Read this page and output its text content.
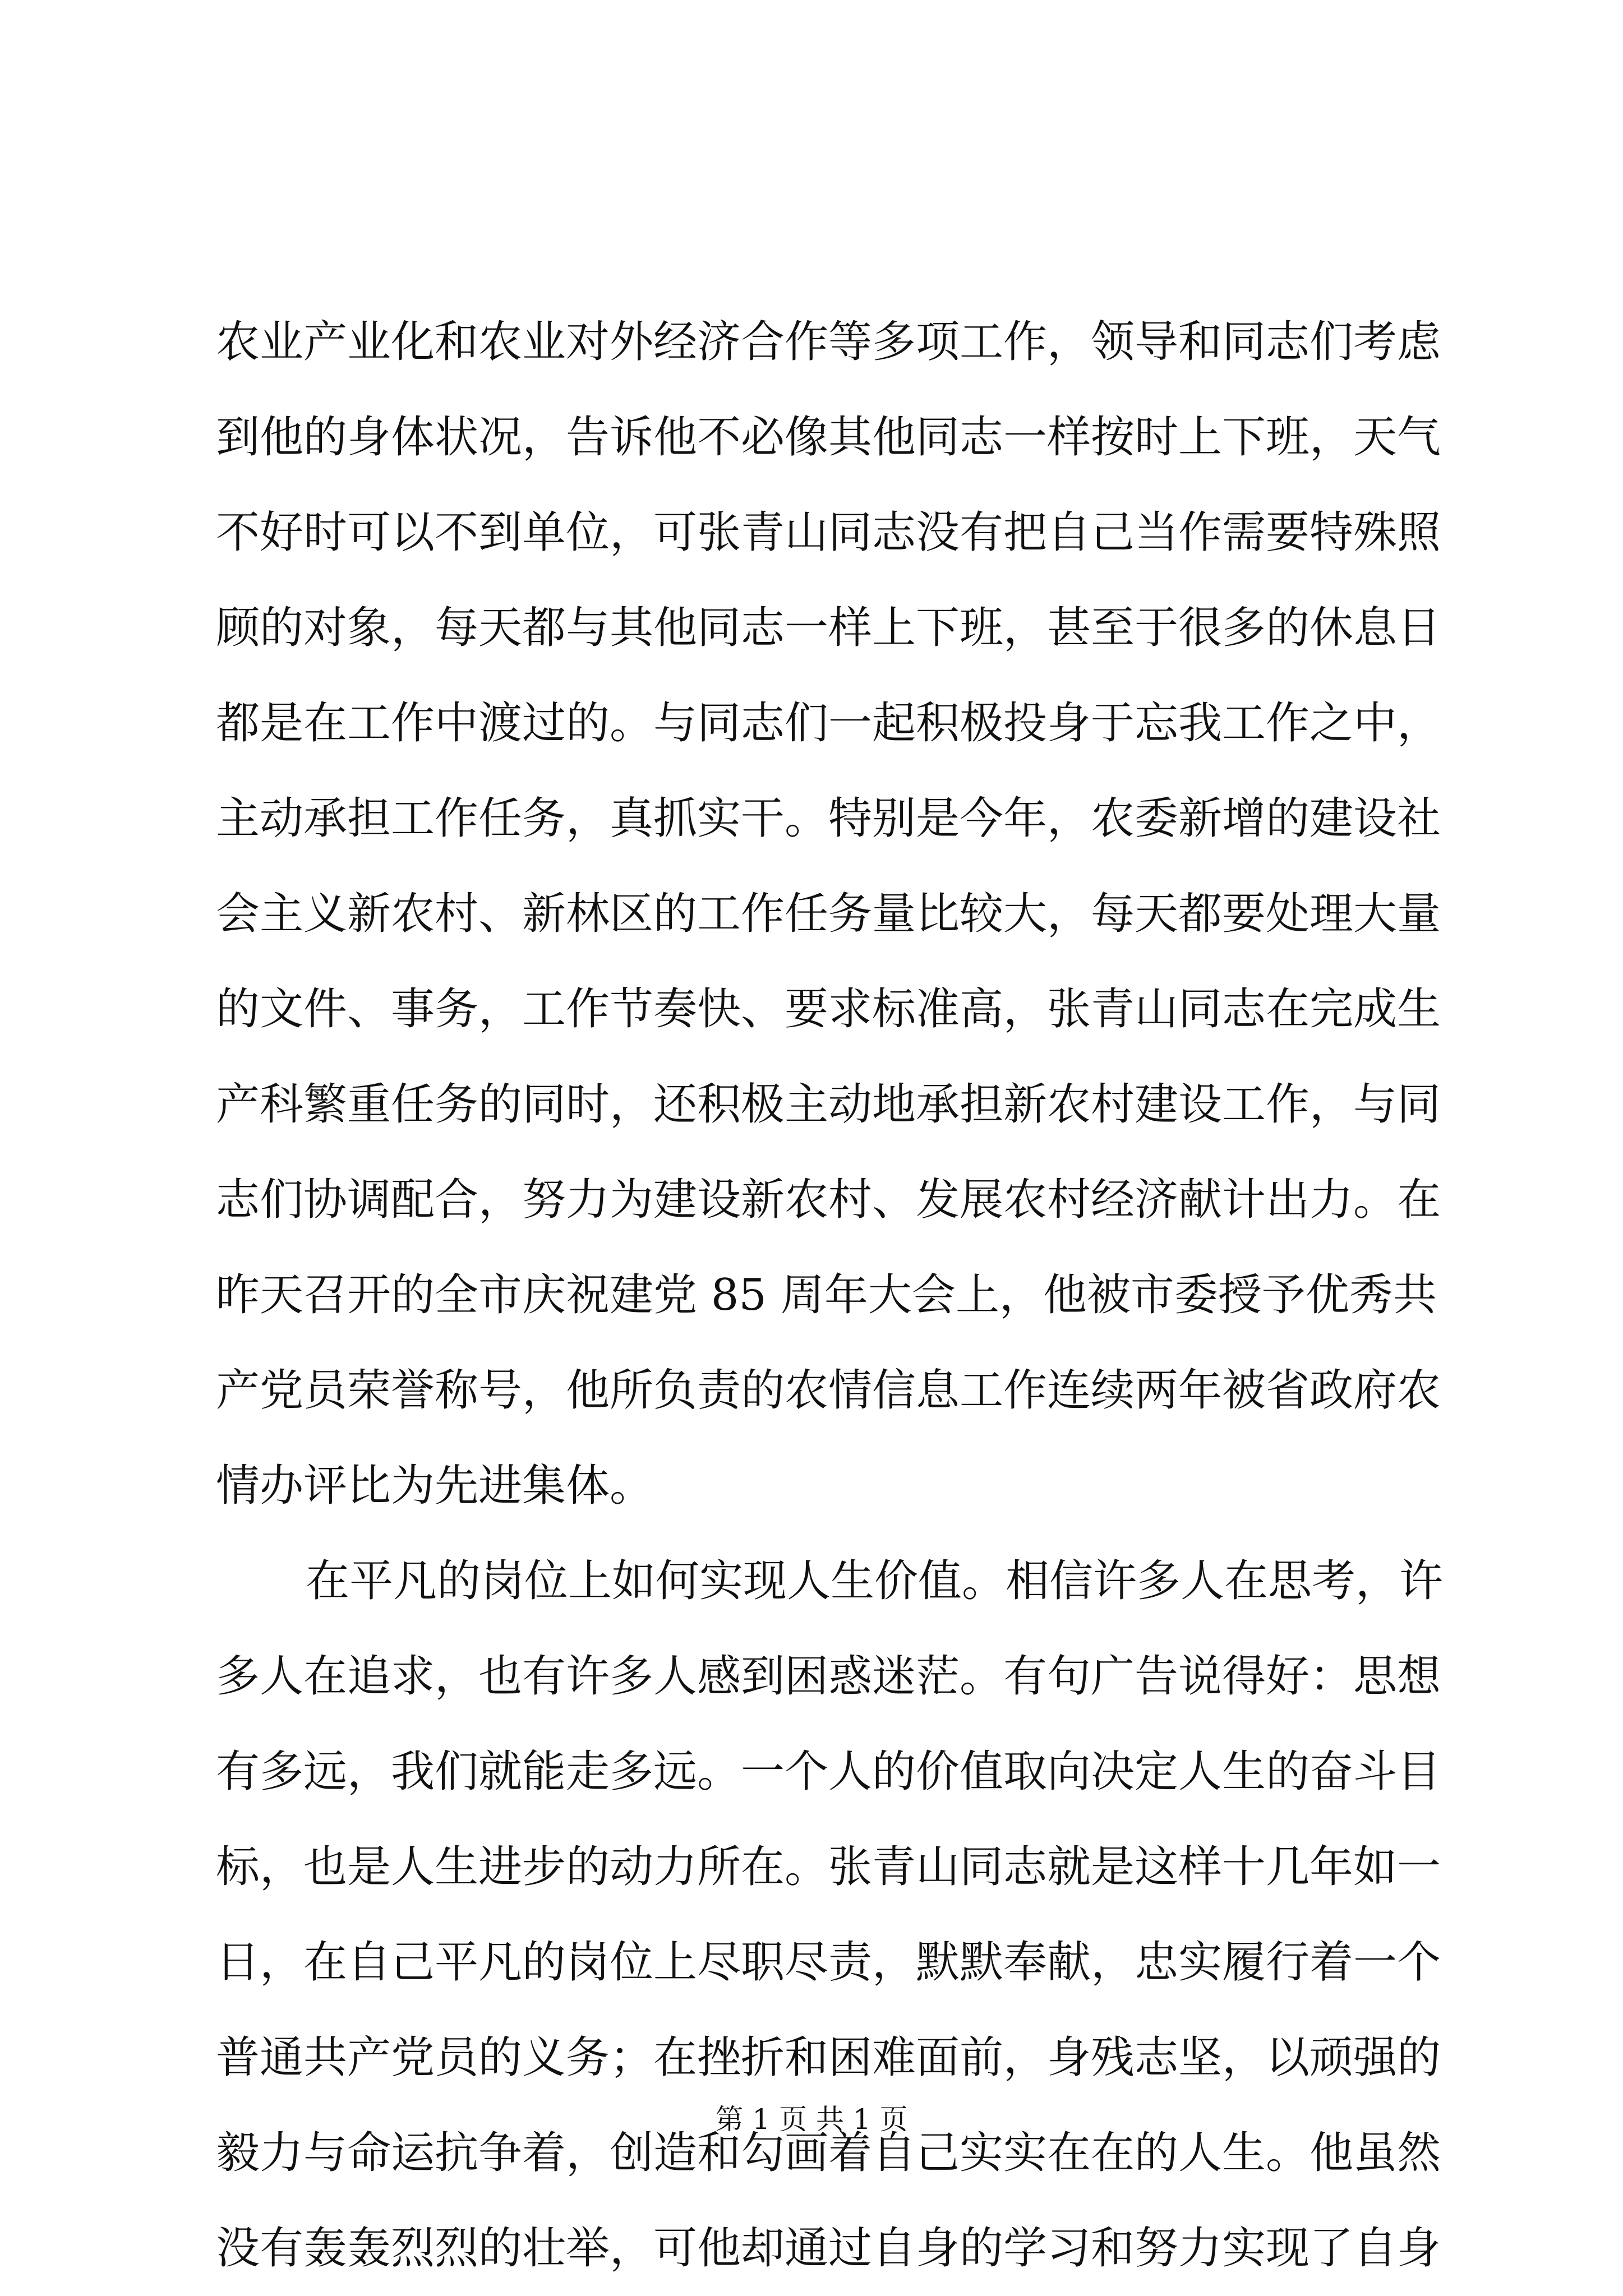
农业产业化和农业对外经济合作等多项工作，领导和同志们考虑
到他的身体状况，告诉他不必像其他同志一样按时上下班，天气
不好时可以不到单位，可张青山同志没有把自己当作需要特殊照
顾的对象，每天都与其他同志一样上下班，甚至于很多的休息日
都是在工作中渡过的。与同志们一起积极投身于忘我工作之中，
主动承担工作任务，真抓实干。特别是今年，农委新增的建设社
会主义新农村、新林区的工作任务量比较大，每天都要处理大量
的文件、事务，工作节奏快、要求标准高，张青山同志在完成生
产科繁重任务的同时，还积极主动地承担新农村建设工作，与同
志们协调配合，努力为建设新农村、发展农村经济献计出力。在
昨天召开的全市庆祝建党 85 周年大会上，他被市委授予优秀共
产党员荣誉称号，他所负责的农情信息工作连续两年被省政府农
情办评比为先进集体。
在平凡的岗位上如何实现人生价值。相信许多人在思考，许
多人在追求，也有许多人感到困惑迷茫。有句广告说得好：思想
有多远，我们就能走多远。一个人的价值取向决定人生的奋斗目
标，也是人生进步的动力所在。张青山同志就是这样十几年如一
日，在自己平凡的岗位上尽职尽责，默默奉献，忠实履行着一个
普通共产党员的义务；在挫折和困难面前，身残志坚，以顽强的
毅力与命运抗争着，创造和勾画着自己实实在在的人生。他虽然
没有轰轰烈烈的壮举，可他却通过自身的学习和努力实现了自身
第 1 页 共 1 页
